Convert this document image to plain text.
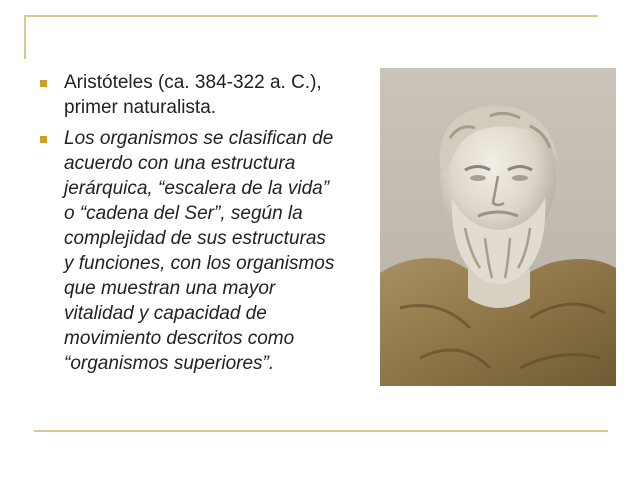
Aristóteles (ca. 384-322 a. C.),
primer naturalista.
Los organismos se clasifican de
acuerdo con una estructura
jerárquica, “escalera de la vida”
o “cadena del Ser”, según la
complejidad de sus estructuras
y funciones, con los organismos
que muestran una mayor
vitalidad y capacidad de
movimiento descritos como
“organismos superiores”.
